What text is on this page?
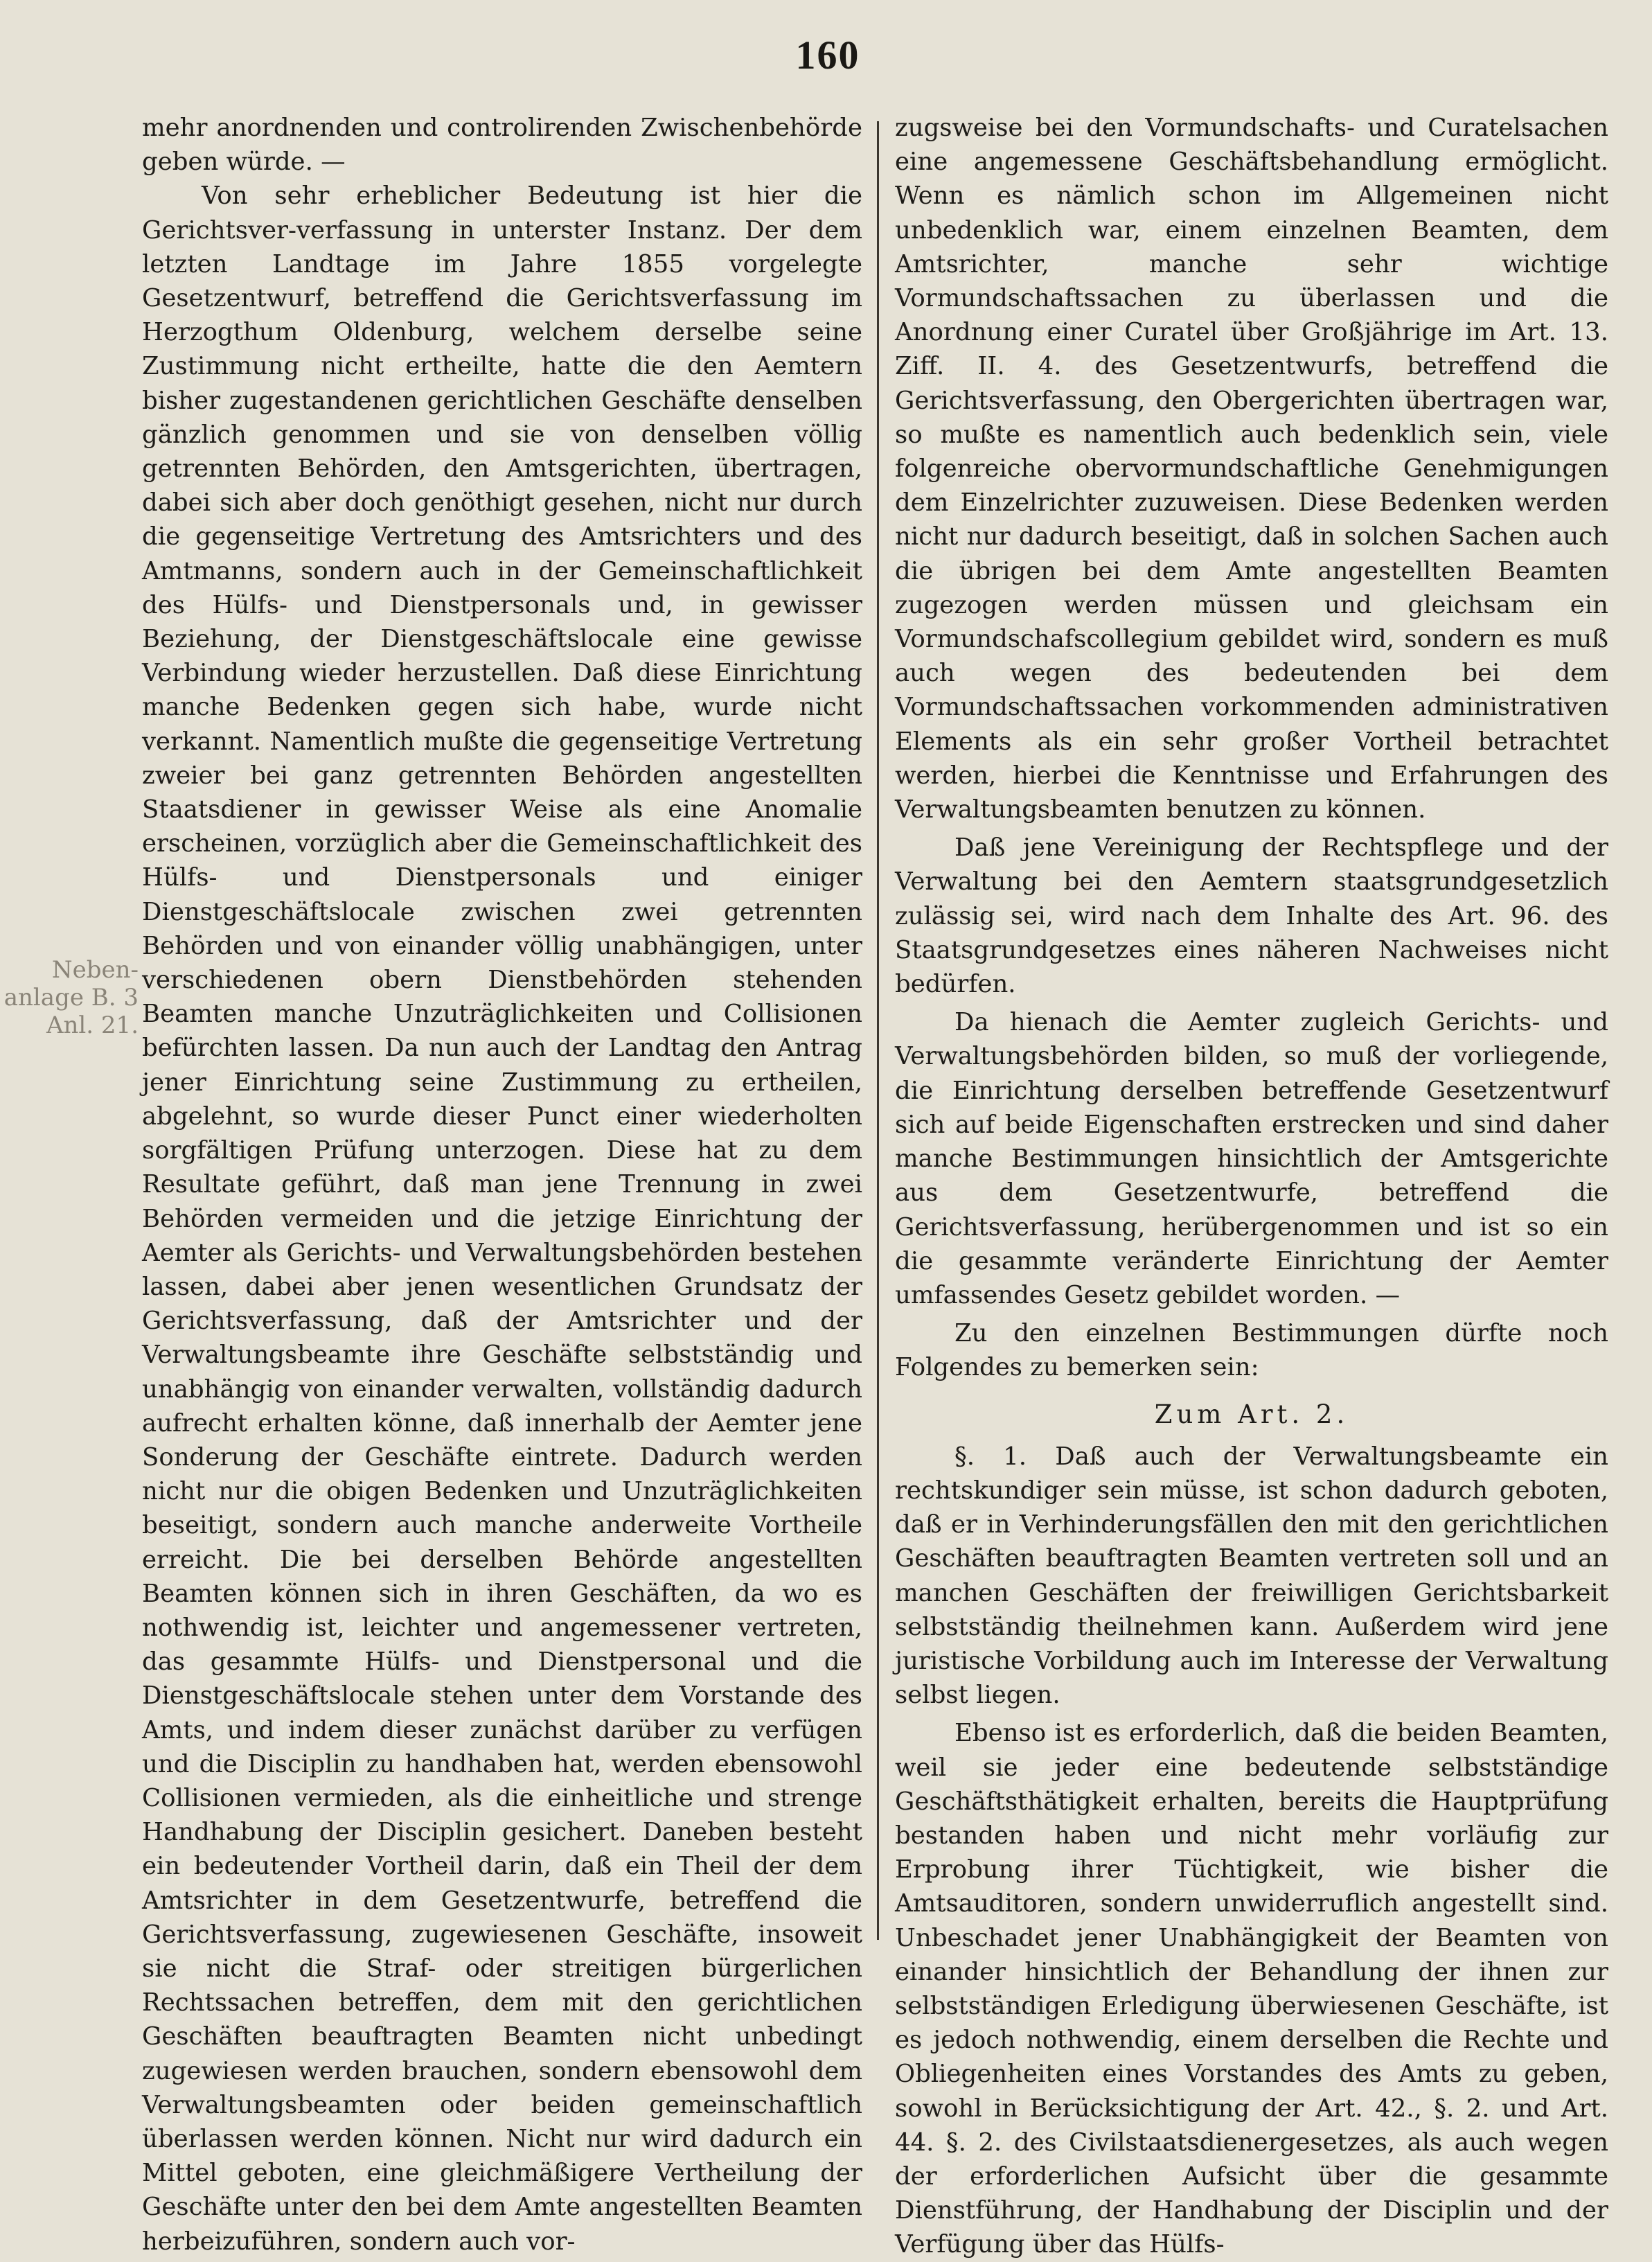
160
Neben-
anlage B. 3
Anl. 21.

mehr anordnenden und controlirenden Zwischenbehörde geben würde. —

Von sehr erheblicher Bedeutung ist hier die Gerichtsver-verfassung in unterster Instanz. Der dem letzten Landtage im Jahre 1855 vorgelegte Gesetzentwurf, betreffend die Gerichtsverfassung im Herzogthum Oldenburg, welchem derselbe seine Zustimmung nicht ertheilte, hatte die den Aemtern bisher zugestandenen gerichtlichen Geschäfte denselben gänzlich genommen und sie von denselben völlig getrennten Behörden, den Amtsgerichten, übertragen, dabei sich aber doch genöthigt gesehen, nicht nur durch die gegenseitige Vertretung des Amtsrichters und des Amtmanns, sondern auch in der Gemeinschaftlichkeit des Hülfs- und Dienstpersonals und, in gewisser Beziehung, der Dienstgeschäftslocale eine gewisse Verbindung wieder herzustellen. Daß diese Einrichtung manche Bedenken gegen sich habe, wurde nicht verkannt. Namentlich mußte die gegenseitige Vertretung zweier bei ganz getrennten Behörden angestellten Staatsdiener in gewisser Weise als eine Anomalie erscheinen, vorzüglich aber die Gemeinschaftlichkeit des Hülfs- und Dienstpersonals und einiger Dienstgeschäftslocale zwischen zwei getrennten Behörden und von einander völlig unabhängigen, unter verschiedenen obern Dienstbehörden stehenden Beamten manche Unzuträglichkeiten und Collisionen befürchten lassen. Da nun auch der Landtag den Antrag jener Einrichtung seine Zustimmung zu ertheilen, abgelehnt, so wurde dieser Punct einer wiederholten sorgfältigen Prüfung unterzogen. Diese hat zu dem Resultate geführt, daß man jene Trennung in zwei Behörden vermeiden und die jetzige Einrichtung der Aemter als Gerichts- und Verwaltungsbehörden bestehen lassen, dabei aber jenen wesentlichen Grundsatz der Gerichtsverfassung, daß der Amtsrichter und der Verwaltungsbeamte ihre Geschäfte selbstständig und unabhängig von einander verwalten, vollständig dadurch aufrecht erhalten könne, daß innerhalb der Aemter jene Sonderung der Geschäfte eintrete. Dadurch werden nicht nur die obigen Bedenken und Unzuträglichkeiten beseitigt, sondern auch manche anderweite Vortheile erreicht. Die bei derselben Behörde angestellten Beamten können sich in ihren Geschäften, da wo es nothwendig ist, leichter und angemessener vertreten, das gesammte Hülfs- und Dienstpersonal und die Dienstgeschäftslocale stehen unter dem Vorstande des Amts, und indem dieser zunächst darüber zu verfügen und die Disciplin zu handhaben hat, werden ebensowohl Collisionen vermieden, als die einheitliche und strenge Handhabung der Disciplin gesichert. Daneben besteht ein bedeutender Vortheil darin, daß ein Theil der dem Amtsrichter in dem Gesetzentwurfe, betreffend die Gerichtsverfassung, zugewiesenen Geschäfte, insoweit sie nicht die Straf- oder streitigen bürgerlichen Rechtssachen betreffen, dem mit den gerichtlichen Geschäften beauftragten Beamten nicht unbedingt zugewiesen werden brauchen, sondern ebensowohl dem Verwaltungsbeamten oder beiden gemeinschaftlich überlassen werden können. Nicht nur wird dadurch ein Mittel geboten, eine gleichmäßigere Vertheilung der Geschäfte unter den bei dem Amte angestellten Beamten herbeizuführen, sondern auch vor-

zugsweise bei den Vormundschafts- und Curatelsachen eine angemessene Geschäftsbehandlung ermöglicht. Wenn es nämlich schon im Allgemeinen nicht unbedenklich war, einem einzelnen Beamten, dem Amtsrichter, manche sehr wichtige Vormundschaftssachen zu überlassen und die Anordnung einer Curatel über Großjährige im Art. 13. Ziff. II. 4. des Gesetzentwurfs, betreffend die Gerichtsverfassung, den Obergerichten übertragen war, so mußte es namentlich auch bedenklich sein, viele folgenreiche obervormundschaftliche Genehmigungen dem Einzelrichter zuzuweisen. Diese Bedenken werden nicht nur dadurch beseitigt, daß in solchen Sachen auch die übrigen bei dem Amte angestellten Beamten zugezogen werden müssen und gleichsam ein Vormundschafscollegium gebildet wird, sondern es muß auch wegen des bedeutenden bei dem Vormundschaftssachen vorkommenden administrativen Elements als ein sehr großer Vortheil betrachtet werden, hierbei die Kenntnisse und Erfahrungen des Verwaltungsbeamten benutzen zu können.

Daß jene Vereinigung der Rechtspflege und der Verwaltung bei den Aemtern staatsgrundgesetzlich zulässig sei, wird nach dem Inhalte des Art. 96. des Staatsgrundgesetzes eines näheren Nachweises nicht bedürfen.

Da hienach die Aemter zugleich Gerichts- und Verwaltungsbehörden bilden, so muß der vorliegende, die Einrichtung derselben betreffende Gesetzentwurf sich auf beide Eigenschaften erstrecken und sind daher manche Bestimmungen hinsichtlich der Amtsgerichte aus dem Gesetzentwurfe, betreffend die Gerichtsverfassung, herübergenommen und ist so ein die gesammte veränderte Einrichtung der Aemter umfassendes Gesetz gebildet worden. —

Zu den einzelnen Bestimmungen dürfte noch Folgendes zu bemerken sein:

Zum Art. 2.

§. 1. Daß auch der Verwaltungsbeamte ein rechtskundiger sein müsse, ist schon dadurch geboten, daß er in Verhinderungsfällen den mit den gerichtlichen Geschäften beauftragten Beamten vertreten soll und an manchen Geschäften der freiwilligen Gerichtsbarkeit selbstständig theilnehmen kann. Außerdem wird jene juristische Vorbildung auch im Interesse der Verwaltung selbst liegen.

Ebenso ist es erforderlich, daß die beiden Beamten, weil sie jeder eine bedeutende selbstständige Geschäftsthätigkeit erhalten, bereits die Hauptprüfung bestanden haben und nicht mehr vorläufig zur Erprobung ihrer Tüchtigkeit, wie bisher die Amtsauditoren, sondern unwiderruflich angestellt sind. Unbeschadet jener Unabhängigkeit der Beamten von einander hinsichtlich der Behandlung der ihnen zur selbstständigen Erledigung überwiesenen Geschäfte, ist es jedoch nothwendig, einem derselben die Rechte und Obliegenheiten eines Vorstandes des Amts zu geben, sowohl in Berücksichtigung der Art. 42., §. 2. und Art. 44. §. 2. des Civilstaatsdienergesetzes, als auch wegen der erforderlichen Aufsicht über die gesammte Dienstführung, der Handhabung der Disciplin und der Verfügung über das Hülfs-
